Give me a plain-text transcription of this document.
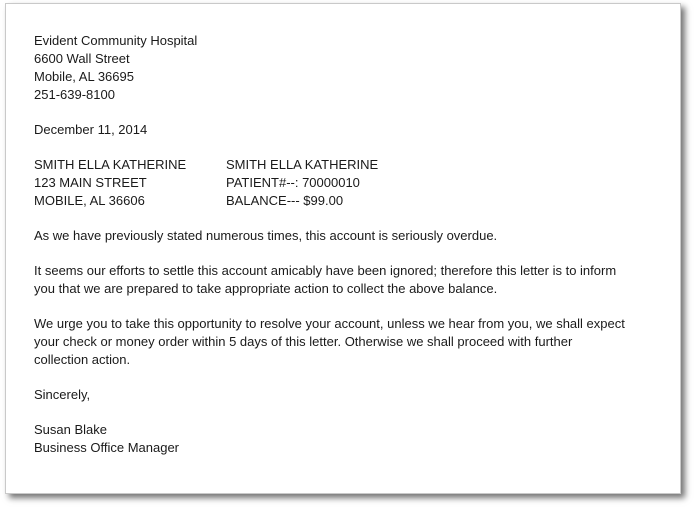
Evident Community Hospital
6600 Wall Street
Mobile, AL 36695
251-639-8100
December 11, 2014
SMITH ELLA KATHERINE
123 MAIN STREET
MOBILE, AL 36606
SMITH ELLA KATHERINE
PATIENT#--: 70000010
BALANCE--- $99.00
As we have previously stated numerous times, this account is seriously overdue.
It seems our efforts to settle this account amicably have been ignored; therefore this letter is to inform
you that we are prepared to take appropriate action to collect the above balance.
We urge you to take this opportunity to resolve your account, unless we hear from you, we shall expect
your check or money order within 5 days of this letter. Otherwise we shall proceed with further
collection action.
Sincerely,
Susan Blake
Business Office Manager
